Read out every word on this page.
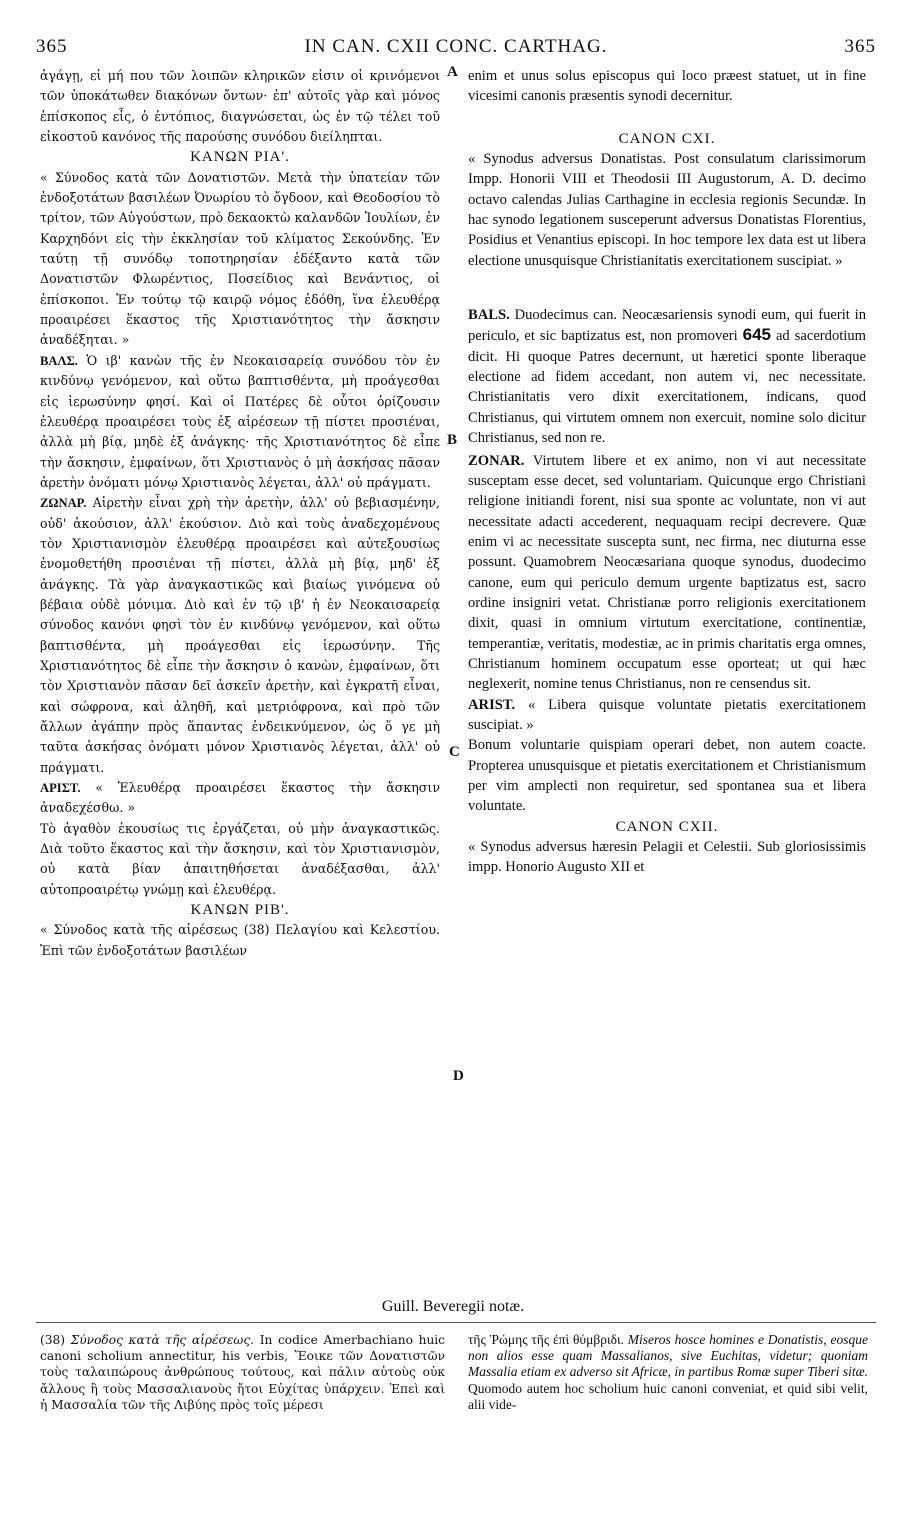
365	IN CAN. CXII CONC. CARTHAG.	365
A
B
C
D

ἀγάγῃ, εἰ μή που τῶν λοιπῶν κληρικῶν εἰσιν οἱ κρινόμενοι τῶν ὑποκάτωθεν διακόνων ὄντων· ἐπ' αὐτοῖς γὰρ καὶ μόνος ἐπίσκοπος εἷς, ὁ ἐντόπιος, διαγνώσεται, ὡς ἐν τῷ τέλει τοῦ εἰκοστοῦ κανόνος τῆς παρούσης συνόδου διείληπται.

ΚΑΝΩΝ ΡΙΑ'.

« Σύνοδος κατὰ τῶν Δονατιστῶν. Μετὰ τὴν ὑπατείαν τῶν ἐνδοξοτάτων βασιλέων Ὀνωρίου τὸ ὄγδοον, καὶ Θεοδοσίου τὸ τρίτον, τῶν Αὐγούστων, πρὸ δεκαοκτὼ καλανδῶν Ἰουλίων, ἐν Καρχηδόνι εἰς τὴν ἐκκλησίαν τοῦ κλίματος Σεκούνδης. Ἐν ταύτῃ τῇ συνόδῳ τοποτηρησίαν ἐδέξαντο κατὰ τῶν Δονατιστῶν Φλωρέντιος, Ποσείδιος καὶ Βενάντιος, οἱ ἐπίσκοποι. Ἐν τούτῳ τῷ καιρῷ νόμος ἐδόθη, ἵνα ἐλευθέρᾳ προαιρέσει ἕκαστος τῆς Χριστιανότητος τὴν ἄσκησιν ἀναδέξηται. »

ΒΑΛΣ. Ὁ ιβ' κανὼν τῆς ἐν Νεοκαισαρείᾳ συνόδου τὸν ἐν κινδύνῳ γενόμενον, καὶ οὕτω βαπτισθέντα, μὴ προάγεσθαι εἰς ἱερωσύνην φησί. Καὶ οἱ Πατέρες δὲ οὗτοι ὁρίζουσιν ἐλευθέρᾳ προαιρέσει τοὺς ἐξ αἱρέσεων τῇ πίστει προσιέναι, ἀλλὰ μὴ βίᾳ, μηδὲ ἐξ ἀνάγκης· τῆς Χριστιανότητος δὲ εἶπε τὴν ἄσκησιν, ἐμφαίνων, ὅτι Χριστιανὸς ὁ μὴ ἀσκήσας πᾶσαν ἀρετὴν ὀνόματι μόνῳ Χριστιανὸς λέγεται, ἀλλ' οὐ πράγματι.

ΖΩΝΑΡ. Αἱρετὴν εἶναι χρὴ τὴν ἀρετὴν, ἀλλ' οὐ βεβιασμένην, οὐδ' ἀκούσιον, ἀλλ' ἑκούσιον. Διὸ καὶ τοὺς ἀναδεχομένους τὸν Χριστιανισμὸν ἐλευθέρᾳ προαιρέσει καὶ αὐτεξουσίως ἐνομοθετήθη προσιέναι τῇ πίστει, ἀλλὰ μὴ βίᾳ, μηδ' ἐξ ἀνάγκης. Τὰ γὰρ ἀναγκαστικῶς καὶ βιαίως γινόμενα οὐ βέβαια οὐδὲ μόνιμα. Διὸ καὶ ἐν τῷ ιβ' ἡ ἐν Νεοκαισαρείᾳ σύνοδος κανόνι φησὶ τὸν ἐν κινδύνῳ γενόμενον, καὶ οὕτω βαπτισθέντα, μὴ προάγεσθαι εἰς ἱερωσύνην. Τῆς Χριστιανότητος δὲ εἶπε τὴν ἄσκησιν ὁ κανὼν, ἐμφαίνων, ὅτι τὸν Χριστιανὸν πᾶσαν δεῖ ἀσκεῖν ἀρετὴν, καὶ ἐγκρατῆ εἶναι, καὶ σώφρονα, καὶ ἀληθῆ, καὶ μετριόφρονα, καὶ πρὸ τῶν ἄλλων ἀγάπην πρὸς ἅπαντας ἐνδεικνύμενον, ὡς ὅ γε μὴ ταῦτα ἀσκήσας ὀνόματι μόνον Χριστιανὸς λέγεται, ἀλλ' οὐ πράγματι.

ΑΡΙΣΤ. « Ἐλευθέρᾳ προαιρέσει ἕκαστος τὴν ἄσκησιν ἀναδεχέσθω. »

Τὸ ἀγαθὸν ἑκουσίως τις ἐργάζεται, οὐ μὴν ἀναγκαστικῶς. Διὰ τοῦτο ἕκαστος καὶ τὴν ἄσκησιν, καὶ τὸν Χριστιανισμὸν, οὐ κατὰ βίαν ἀπαιτηθήσεται ἀναδέξασθαι, ἀλλ' αὐτοπροαιρέτῳ γνώμῃ καὶ ἐλευθέρᾳ.

ΚΑΝΩΝ ΡΙΒ'.

« Σύνοδος κατὰ τῆς αἱρέσεως (38) Πελαγίου καὶ Κελεστίου. Ἐπὶ τῶν ἐνδοξοτάτων βασιλέων

enim et unus solus episcopus qui loco præest statuet, ut in fine vicesimi canonis præsentis synodi decernitur.

CANON CXI.

« Synodus adversus Donatistas. Post consulatum clarissimorum Impp. Honorii VIII et Theodosii III Augustorum, A. D. decimo octavo calendas Julias Carthagine in ecclesia regionis Secundæ. In hac synodo legationem susceperunt adversus Donatistas Florentius, Posidius et Venantius episcopi. In hoc tempore lex data est ut libera electione unusquisque Christianitatis exercitationem suscipiat. »

BALS. Duodecimus can. Neocæsariensis synodi eum, qui fuerit in periculo, et sic baptizatus est, non promoveri 645 ad sacerdotium dicit. Hi quoque Patres decernunt, ut hæretici sponte liberaque electione ad fidem accedant, non autem vi, nec necessitate. Christianitatis vero dixit exercitationem, indicans, quod Christianus, qui virtutem omnem non exercuit, nomine solo dicitur Christianus, sed non re.

ZONAR. Virtutem libere et ex animo, non vi aut necessitate susceptam esse decet, sed voluntariam. Quicunque ergo Christiani religione initiandi forent, nisi sua sponte ac voluntate, non vi aut necessitate adacti accederent, nequaquam recipi decrevere. Quæ enim vi ac necessitate suscepta sunt, nec firma, nec diuturna esse possunt. Quamobrem Neocæsariana quoque synodus, duodecimo canone, eum qui periculo demum urgente baptizatus est, sacro ordine insigniri vetat. Christianæ porro religionis exercitationem dixit, quasi in omnium virtutum exercitatione, continentiæ, temperantiæ, veritatis, modestiæ, ac in primis charitatis erga omnes, Christianum hominem occupatum esse oporteat; ut qui hæc neglexerit, nomine tenus Christianus, non re censendus sit.

ARIST. « Libera quisque voluntate pietatis exercitationem suscipiat. »

Bonum voluntarie quispiam operari debet, non autem coacte. Propterea unusquisque et pietatis exercitationem et Christianismum per vim amplecti non requiretur, sed spontanea sua et libera voluntate.

CANON CXII.

« Synodus adversus hæresin Pelagii et Celestii. Sub gloriosissimis impp. Honorio Augusto XII et

Guill. Beveregii notæ.

(38) Σύνοδος κατὰ τῆς αἱρέσεως. In codice Amerbachiano huic canoni scholium annectitur, his verbis, Ἔοικε τῶν Δονατιστῶν τοὺς ταλαιπώρους ἀνθρώπους τούτους, καὶ πάλιν αὐτοὺς οὐκ ἄλλους ἢ τοὺς Μασσαλιανοὺς ἤτοι Εὐχίτας ὑπάρχειν. Ἐπεὶ καὶ ἡ Μασσαλία τῶν τῆς Λιβύης πρὸς τοῖς μέρεσι

τῆς Ῥώμης τῆς ἐπὶ θύμβριδι. Miseros hosce homines e Donatistis, eosque non alios esse quam Massalianos, sive Euchitas, videtur; quoniam Massalia etiam ex adverso sit Africæ, in partibus Romæ super Tiberi sitæ. Quomodo autem hoc scholium huic canoni conveniat, et quid sibi velit, alii vide-
